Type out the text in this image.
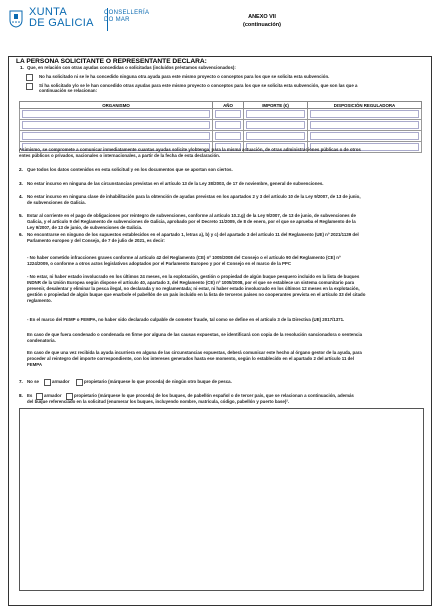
XUNTA
DE GALICIA
CONSELLERÍA
DO MAR	ANEXO VII
(continuación)
LA PERSONA SOLICITANTE O REPRESENTANTE DECLARA:
1. Que, en relación con otras ayudas concedidas o solicitadas (incluidos préstamos subvencionados):
No ha solicitado ni se le ha concedido ninguna otra ayuda para este mismo proyecto o conceptos para los que se solicita esta subvención.
Sí ha solicitado y/o se le han concedido otras ayudas para este mismo proyecto o conceptos para los que se solicita esta subvención, que son las que a
continuación se relacionan:
ORGANISMO	AÑO	IMPORTE (€)	DISPOSICIÓN REGULADORA

Asimismo, se compromete a comunicar inmediatamente cuantas ayudas solicite y/obtenga, para la misma actuación, de otras administraciones públicas o de otros
entes públicos o privados, nacionales o internacionales, a partir de la fecha de esta declaración.
2. Que todos los datos contenidos en esta solicitud y en los documentos que se aportan son ciertos.
3. No estar incurso en ninguna de las circunstancias previstas en el artículo 13 de la Ley 38/2003, de 17 de noviembre, general de subvenciones.
4. No estar incurso en ninguna clase de inhabilitación para la obtención de ayudas previstas en los apartados 2 y 3 del artículo 10 de la Ley 9/2007, de 13 de junio,
de subvenciones de Galicia.
5. Estar al corriente en el pago de obligaciones por reintegro de subvenciones, conforme al artículo 10.2.g) de la Ley 9/2007, de 13 de junio, de subvenciones de
Galicia, y el artículo 9 del Reglamento de subvenciones de Galicia, aprobado por el Decreto 11/2009, de 8 de enero, por el que se aprueba el Reglamento de la
Ley 9/2007, de 13 de junio, de subvenciones de Galicia.
6. No encontrarse en ninguno de los supuestos establecidos en el apartado 1, letras a), b) y c) del apartado 3 del artículo 11 del Reglamento (UE) nº 2021/1139 del
Parlamento europeo y del Consejo, de 7 de julio de 2021, es decir:
- No haber cometido infracciones graves conforme al artículo 42 del Reglamento (CE) nº 1005/2008 del Consejo o el artículo 90 del Reglamento (CE) nº
1224/2009, o conforme a otros actos legislativos adoptados por el Parlamento Europeo y por el Consejo en el marco de la PPC
- No estar, ni haber estado involucrado en los últimos 24 meses, en la explotación, gestión o propiedad de algún buque pesquero incluido en la lista de buques
INDNR de la Unión Europea según dispone el artículo 40, apartado 3, del Reglamento (CE) nº 1005/2008, por el que se establece un sistema comunitario para
prevenir, desalentar y eliminar la pesca ilegal, no declarada y no reglamentada; ni estar, ni haber estado involucrado en los últimos 12 meses en la explotación,
gestión o propiedad de algún buque que enarbole el pabellón de un país incluido en la lista de terceros países no cooperantes prevista en el artículo 33 del citado
reglamento.
- En el marco del FEMP o FEMPA, no haber sido declarado culpable de cometer fraude, tal como se define en el artículo 3 de la Directiva (UE) 2017/1371.
En caso de que fuera condenado o condenada en firme por alguna de las causas expuestas, se identificará con copia de la resolución sancionadora o sentencia
condenatoria.
En caso de que una vez recibida la ayuda incurriera en alguna de las circunstancias expuestas, deberá comunicar este hecho al órgano gestor de la ayuda, para
proceder al reintegro del importe correspondiente, con los intereses generados hasta ese momento, según lo establecido en el apartado 2 del artículo 11 del
FEMPA
7. No se	armador	propietario (márquese lo que proceda) de ningún otro buque de pesca.
8. Es	armador	propietario (márquese lo que proceda) de los buques, de pabellón español o de tercer país, que se relacionan a continuación, además
del buque referenciado en la solicitud (enumerar los buques, incluyendo nombre, matrícula, código, pabellón y puerto base)².
